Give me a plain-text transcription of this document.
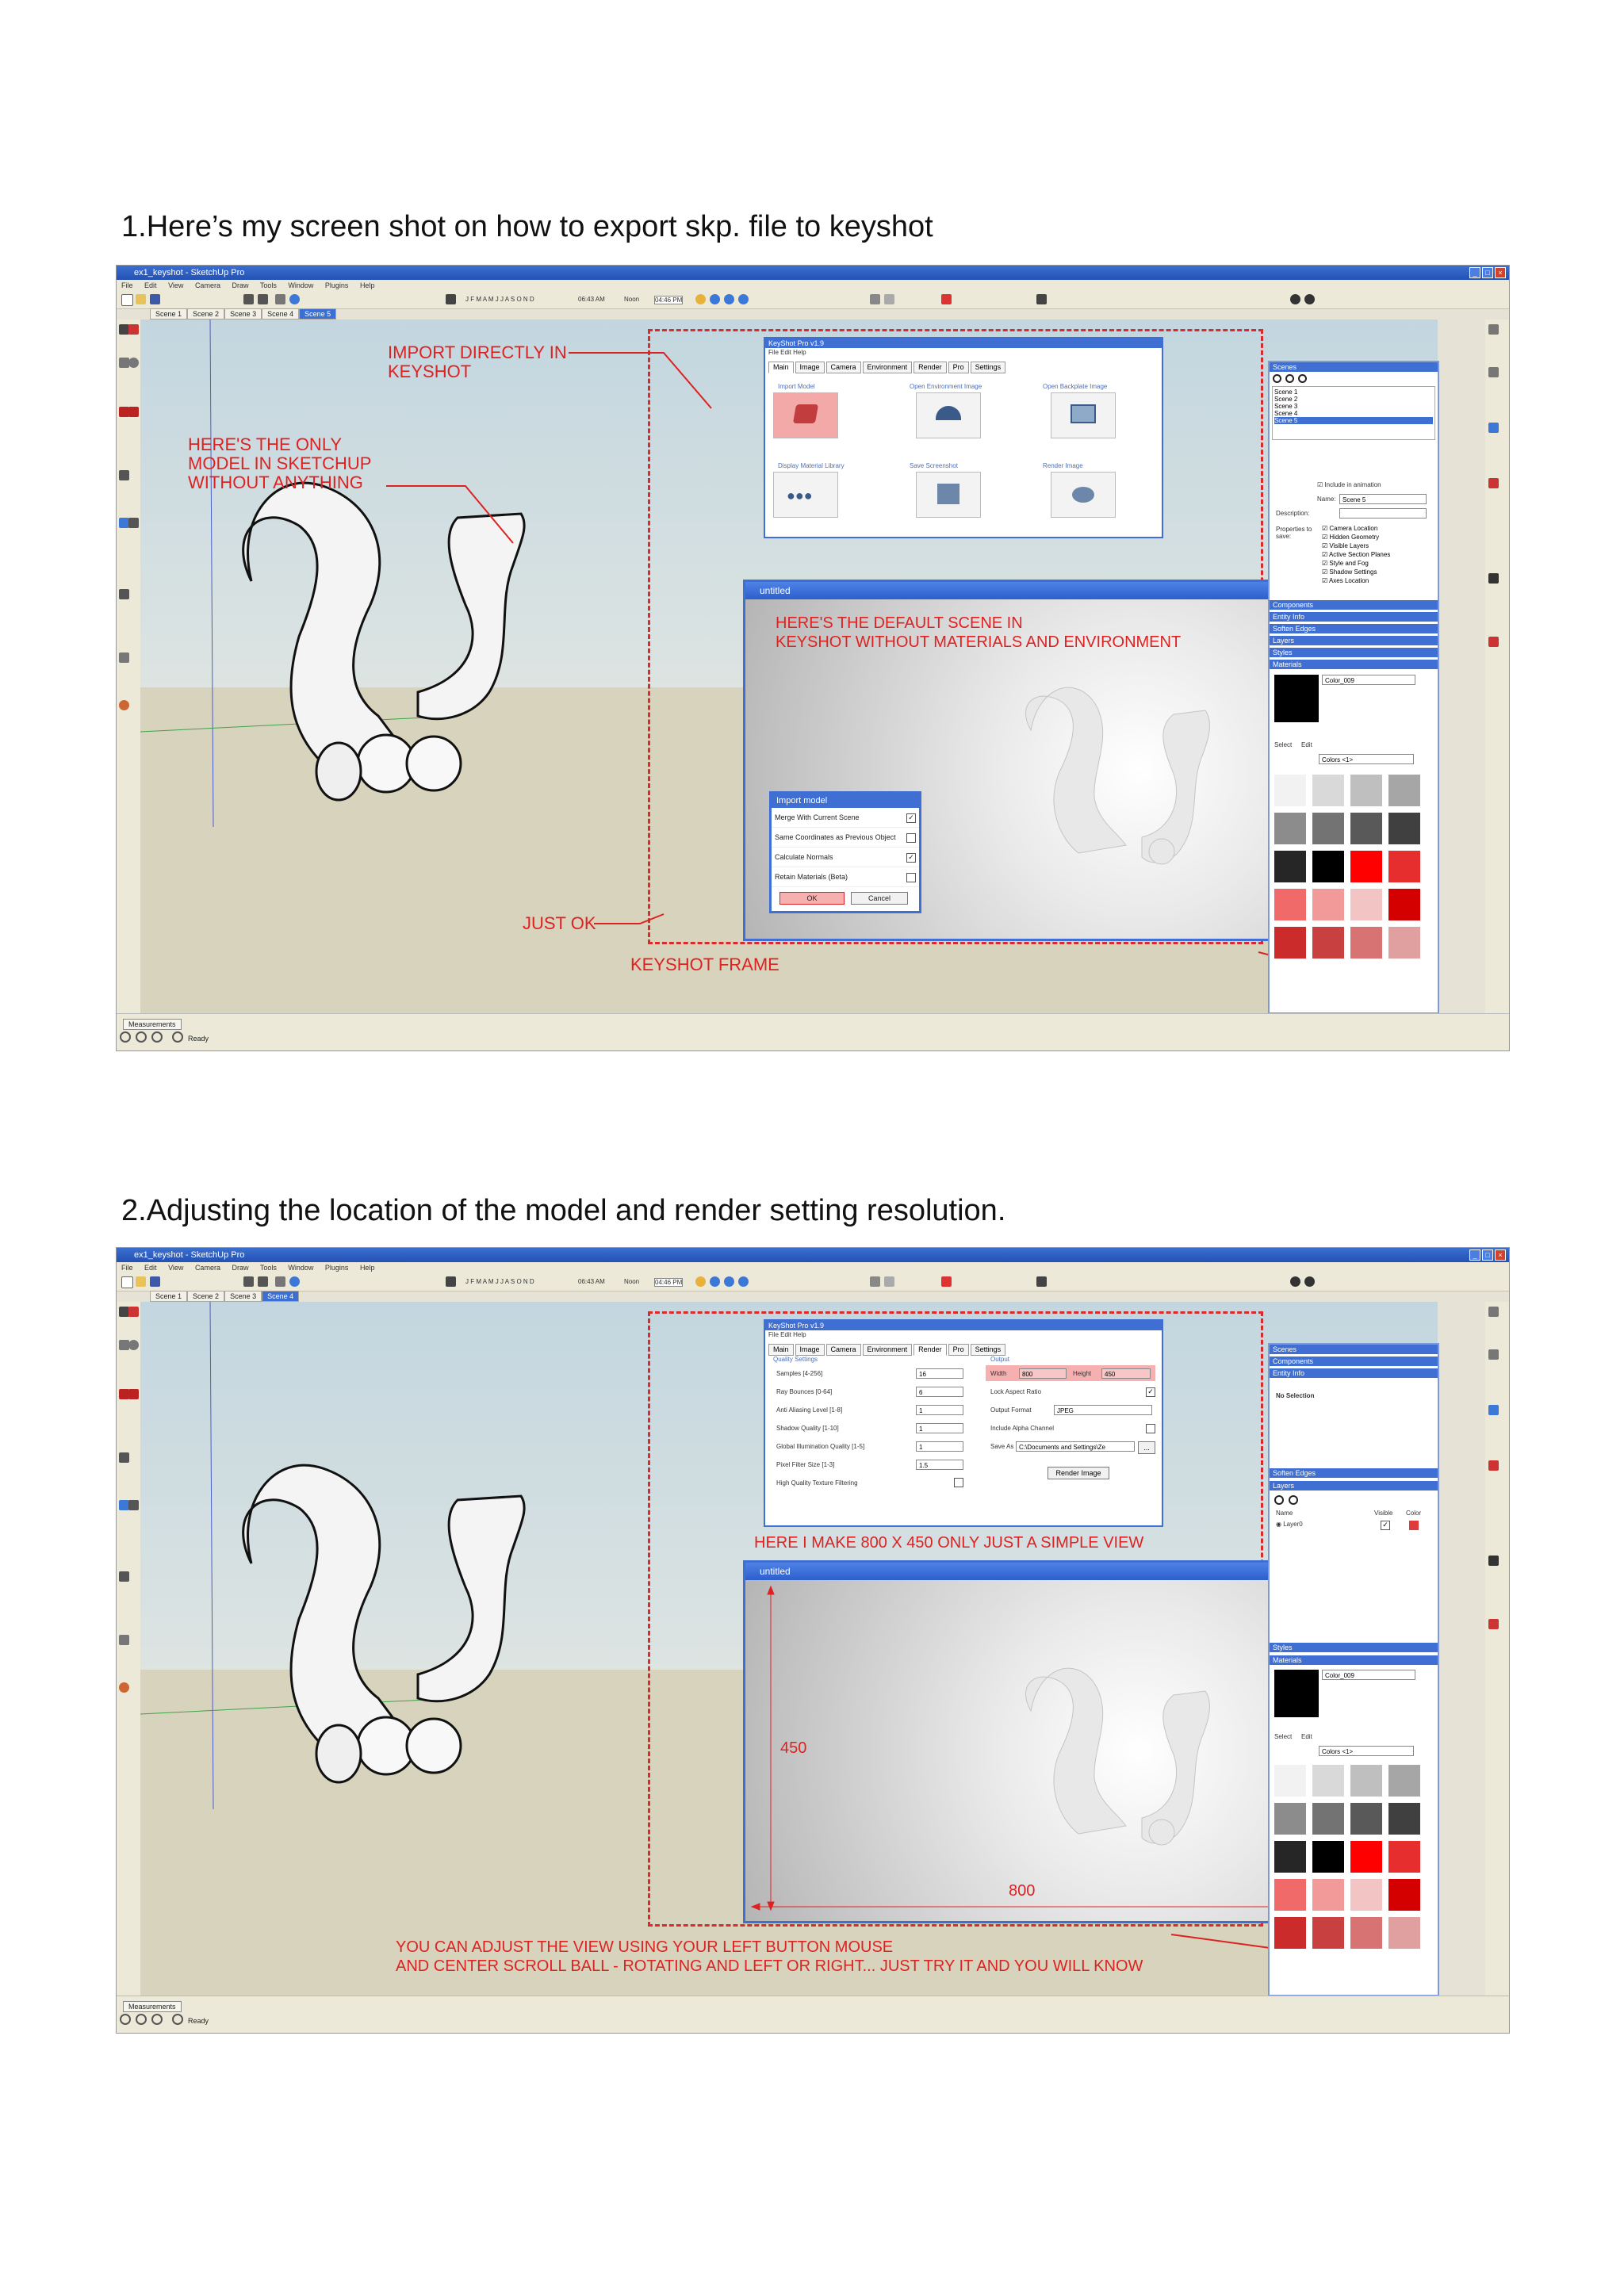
1.Here’s my screen shot on how to export skp. file to keyshot
ex1_keyshot - SketchUp Pro	_	□	×
File Edit View Camera Draw Tools Window Plugins Help
J F M A M J J A S O N D	06:43 AM	Noon 04:46 PM
Scene 1	Scene 2	Scene 3	Scene 4	Scene 5
IMPORT DIRECTLY IN
KEYSHOT
HERE'S THE ONLY
MODEL IN SKETCHUP
WITHOUT ANYTHING
JUST OK
KEYSHOT FRAME
KeyShot Pro v1.9
File Edit Help
Main Image Camera Environment Render Pro Settings
Import Model	Open Environment Image	Open Backplate Image
Display Material Library
●●●
Save Screenshot	Render Image
untitled
HERE'S THE DEFAULT SCENE IN
KEYSHOT WITHOUT MATERIALS AND ENVIRONMENT
Import model
Merge With Current Scene	✓
Same Coordinates as Previous Object
Calculate Normals	✓
Retain Materials (Beta)
OK	Cancel
Scenes
Scene 1
Scene 2
Scene 3
Scene 4
Scene 5
☑ Include in animation
Name:	Scene 5
Description:
Properties to save:
☑ Camera Location
☑ Hidden Geometry
☑ Visible Layers
☑ Active Section Planes
☑ Style and Fog
☑ Shadow Settings
☑ Axes Location
Components
Entity Info
Soften Edges
Layers
Styles
Materials
Color_009
Select Edit
Colors <1>
Measurements
Ready
2.Adjusting the location of the model and render setting resolution.
ex1_keyshot - SketchUp Pro	_	□	×
File Edit View Camera Draw Tools Window Plugins Help
J F M A M J J A S O N D	06:43 AM	Noon 04:46 PM
Scene 1	Scene 2	Scene 3	Scene 4
KeyShot Pro v1.9
File Edit Help
Main Image Camera Environment Render Pro Settings
Quality Settings
Samples [4-256]	16
Ray Bounces [0-64]	6
Anti Aliasing Level [1-8]	1
Shadow Quality [1-10]	1
Global Illumination Quality [1-5]	1
Pixel Filter Size [1-3]	1.5
High Quality Texture Filtering
Output
Width	800	Height	450
Lock Aspect Ratio	✓
Output Format	JPEG
Include Alpha Channel
Save As C:\Documents and Settings\Ze	...
Render Image
HERE I MAKE 800 X 450 ONLY JUST A SIMPLE VIEW
untitled
450
800
YOU CAN ADJUST THE VIEW USING YOUR LEFT BUTTON MOUSE
AND CENTER SCROLL BALL - ROTATING AND LEFT OR RIGHT... JUST TRY IT AND YOU WILL KNOW
Scenes
Components
Entity Info
No Selection
Soften Edges
Layers
Name	Visible Color
◉ Layer0	✓
Styles
Materials
Color_009
Select Edit
Colors <1>
Measurements
Ready
